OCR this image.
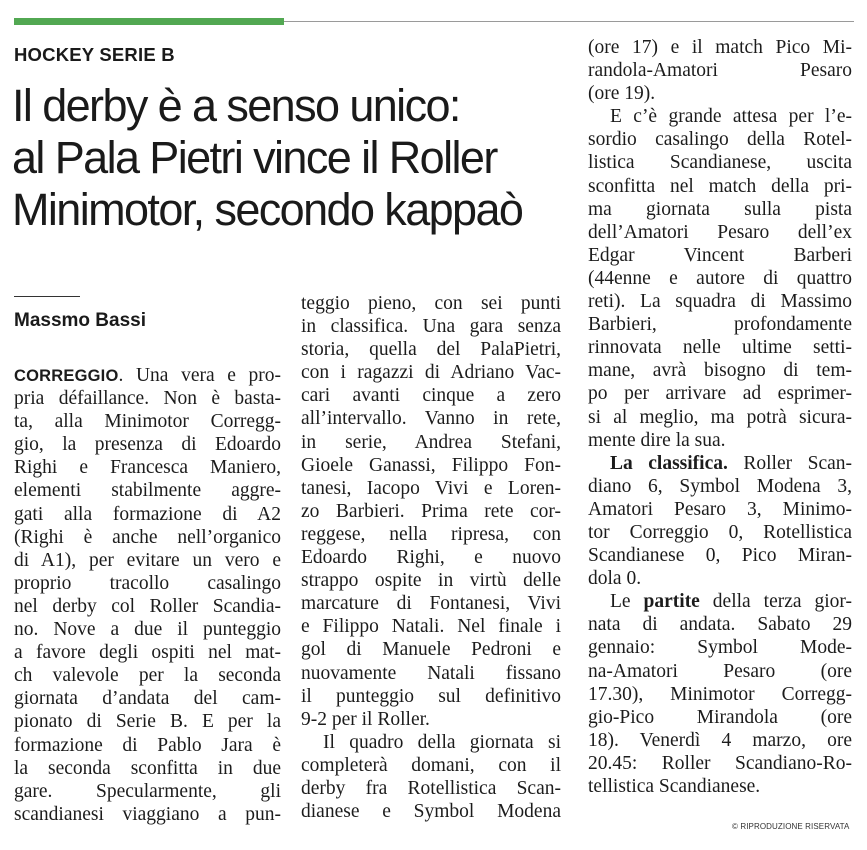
HOCKEY SERIE B
Il derby è a senso unico:
al Pala Pietri vince il Roller
Minimotor, secondo kappaò
Massmo Bassi
CORREGGIO. Una vera e pro-
pria défaillance. Non è basta-
ta, alla Minimotor Corregg-
gio, la presenza di Edoardo
Righi e Francesca Maniero,
elementi stabilmente aggre-
gati alla formazione di A2
(Righi è anche nell’organico
di A1), per evitare un vero e
proprio tracollo casalingo
nel derby col Roller Scandia-
no. Nove a due il punteggio
a favore degli ospiti nel mat-
ch valevole per la seconda
giornata d’andata del cam-
pionato di Serie B. E per la
formazione di Pablo Jara è
la seconda sconfitta in due
gare. Specularmente, gli
scandianesi viaggiano a pun-
teggio pieno, con sei punti
in classifica. Una gara senza
storia, quella del PalaPietri,
con i ragazzi di Adriano Vac-
cari avanti cinque a zero
all’intervallo. Vanno in rete,
in serie, Andrea Stefani,
Gioele Ganassi, Filippo Fon-
tanesi, Iacopo Vivi e Loren-
zo Barbieri. Prima rete cor-
reggese, nella ripresa, con
Edoardo Righi, e nuovo
strappo ospite in virtù delle
marcature di Fontanesi, Vivi
e Filippo Natali. Nel finale i
gol di Manuele Pedroni e
nuovamente Natali fissano
il punteggio sul definitivo
9-2 per il Roller.
Il quadro della giornata si
completerà domani, con il
derby fra Rotellistica Scan-
dianese e Symbol Modena
(ore 17) e il match Pico Mi-
randola-Amatori Pesaro
(ore 19).
E c’è grande attesa per l’e-
sordio casalingo della Rotel-
listica Scandianese, uscita
sconfitta nel match della pri-
ma giornata sulla pista
dell’Amatori Pesaro dell’ex
Edgar Vincent Barberi
(44enne e autore di quattro
reti). La squadra di Massimo
Barbieri, profondamente
rinnovata nelle ultime setti-
mane, avrà bisogno di tem-
po per arrivare ad esprimer-
si al meglio, ma potrà sicura-
mente dire la sua.
La classifica. Roller Scan-
diano 6, Symbol Modena 3,
Amatori Pesaro 3, Minimo-
tor Correggio 0, Rotellistica
Scandianese 0, Pico Miran-
dola 0.
Le partite della terza gior-
nata di andata. Sabato 29
gennaio: Symbol Mode-
na-Amatori Pesaro (ore
17.30), Minimotor Corregg-
gio-Pico Mirandola (ore
18). Venerdì 4 marzo, ore
20.45: Roller Scandiano-Ro-
tellistica Scandianese.
© RIPRODUZIONE RISERVATA
